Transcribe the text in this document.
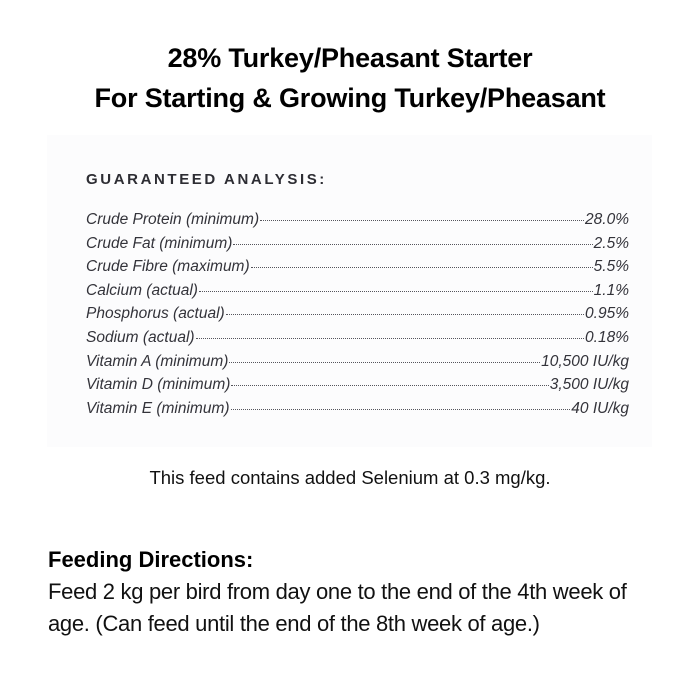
28% Turkey/Pheasant Starter
For Starting & Growing Turkey/Pheasant
GUARANTEED ANALYSIS:
Crude Protein (minimum)	28.0%
Crude Fat (minimum)	2.5%
Crude Fibre (maximum)	5.5%
Calcium (actual)	1.1%
Phosphorus (actual)	0.95%
Sodium (actual)	0.18%
Vitamin A (minimum)	10,500 IU/kg
Vitamin D (minimum)	3,500 IU/kg
Vitamin E (minimum)	40 IU/kg
This feed contains added Selenium at 0.3 mg/kg.
Feeding Directions:
Feed 2 kg per bird from day one to the end of the 4th week of age. (Can feed until the end of the 8th week of age.)
